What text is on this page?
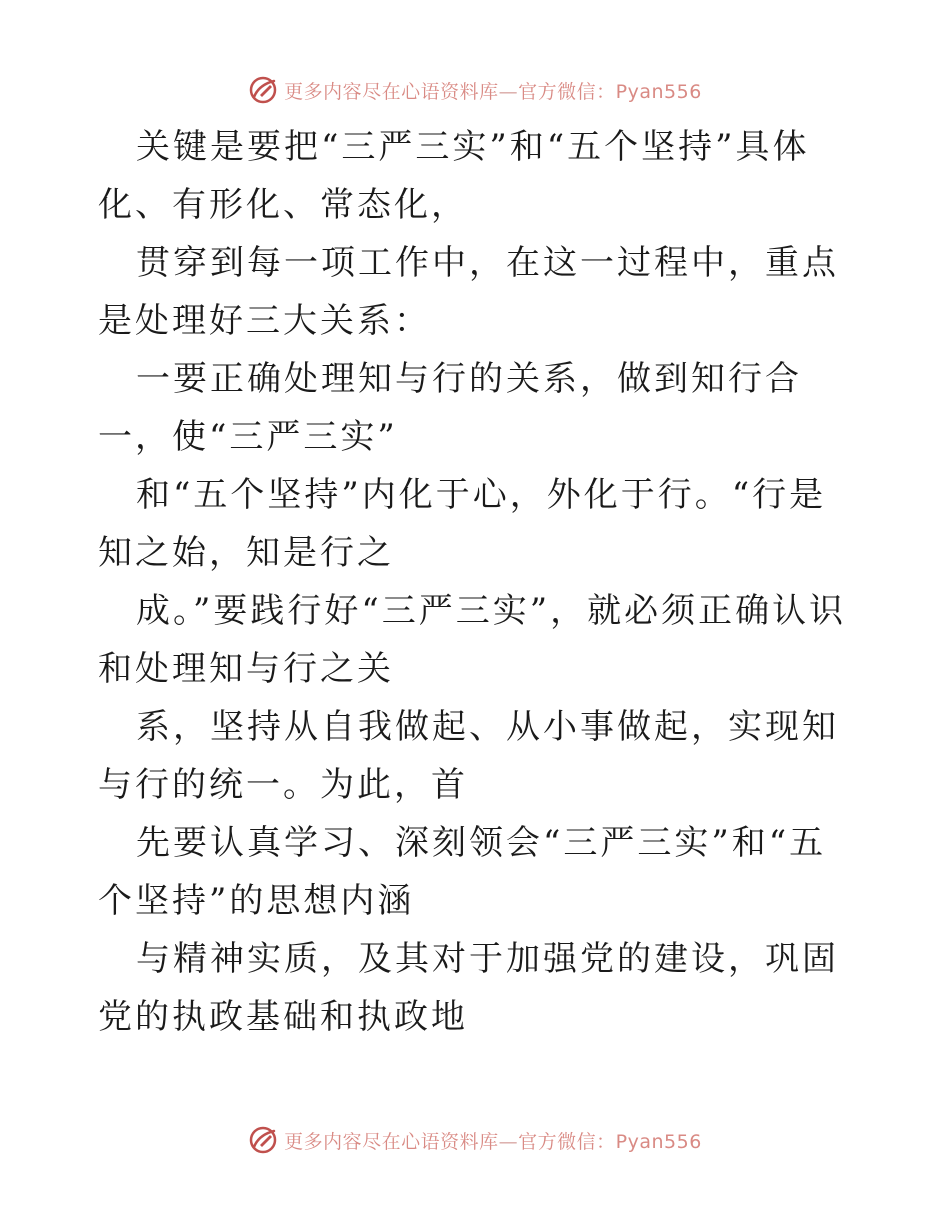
更多内容尽在心语资料库—官方微信：Pyan556

关键是要把“三严三实”和“五个坚持”具体化、有形化、常态化，

贯穿到每一项工作中，在这一过程中，重点是处理好三大关系：

一要正确处理知与行的关系，做到知行合一，使“三严三实”

和“五个坚持”内化于心，外化于行。“行是知之始，知是行之

成。”要践行好“三严三实”，就必须正确认识和处理知与行之关

系，坚持从自我做起、从小事做起，实现知与行的统一。为此，首

先要认真学习、深刻领会“三严三实”和“五个坚持”的思想内涵

与精神实质，及其对于加强党的建设，巩固党的执政基础和执政地

更多内容尽在心语资料库—官方微信：Pyan556
